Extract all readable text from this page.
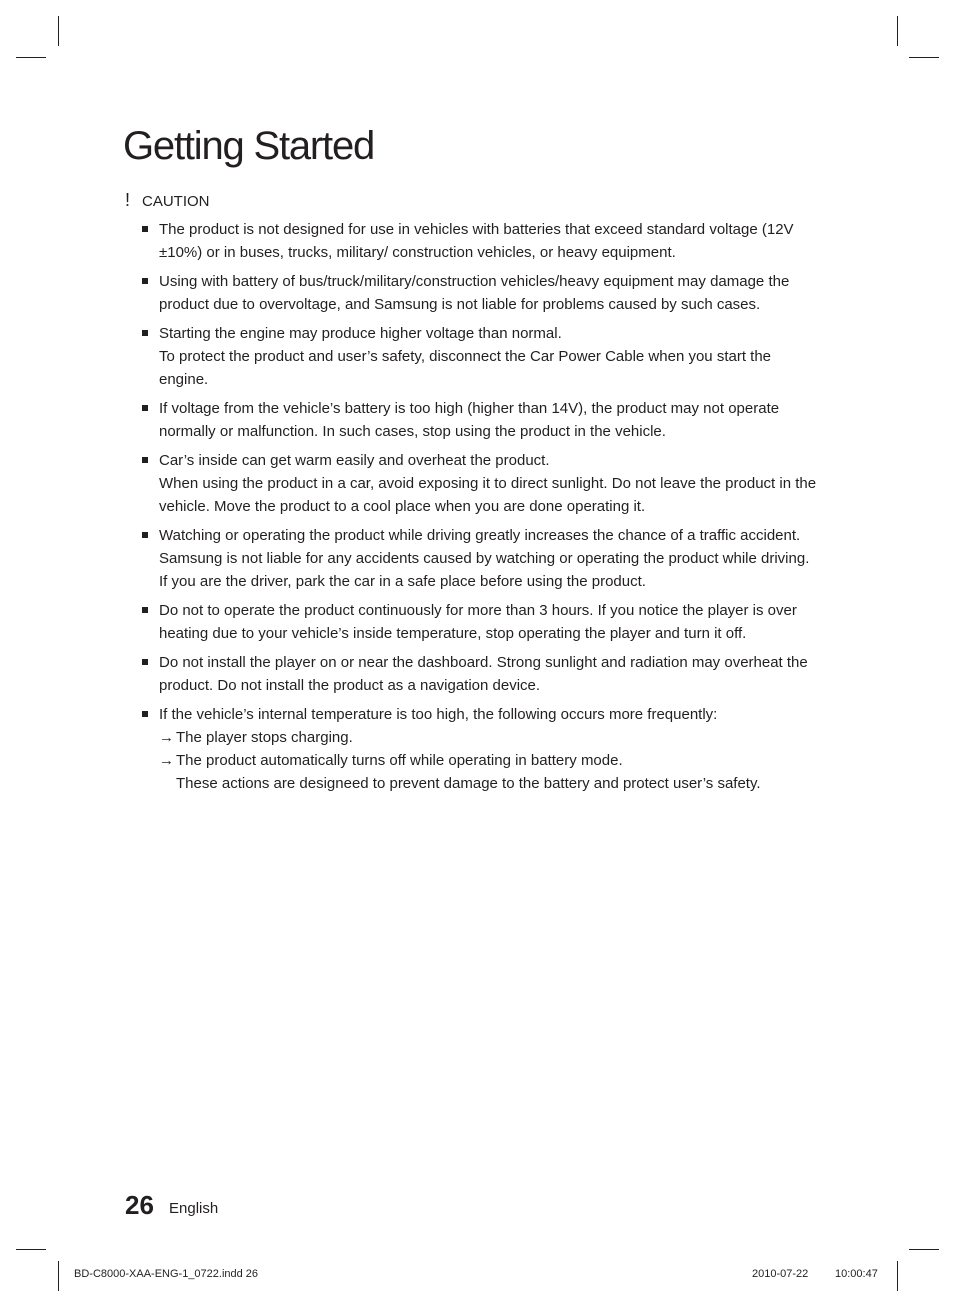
Getting Started
! CAUTION
The product is not designed for use in vehicles with batteries that exceed standard voltage (12V
±10%) or in buses, trucks, military/ construction vehicles, or heavy equipment.
Using with battery of bus/truck/military/construction vehicles/heavy equipment may damage the
product due to overvoltage, and Samsung is not liable for problems caused by such cases.
Starting the engine may produce higher voltage than normal.
To protect the product and user’s safety, disconnect the Car Power Cable when you start the
engine.
If voltage from the vehicle’s battery is too high (higher than 14V), the product may not operate
normally or malfunction. In such cases, stop using the product in the vehicle.
Car’s inside can get warm easily and overheat the product.
When using the product in a car, avoid exposing it to direct sunlight. Do not leave the product in the
vehicle. Move the product to a cool place when you are done operating it.
Watching or operating the product while driving greatly increases the chance of a traffic accident.
Samsung is not liable for any accidents caused by watching or operating the product while driving.
If you are the driver, park the car in a safe place before using the product.
Do not to operate the product continuously for more than 3 hours. If you notice the player is over
heating due to your vehicle’s inside temperature, stop operating the player and turn it off.
Do not install the player on or near the dashboard. Strong sunlight and radiation may overheat the
product. Do not install the product as a navigation device.
If the vehicle’s internal temperature is too high, the following occurs more frequently:
→ The player stops charging.
→ The product automatically turns off while operating in battery mode.
These actions are designeed to prevent damage to the battery and protect user’s safety.
26 English
BD-C8000-XAA-ENG-1_0722.indd 26	2010-07-22 10:00:47
